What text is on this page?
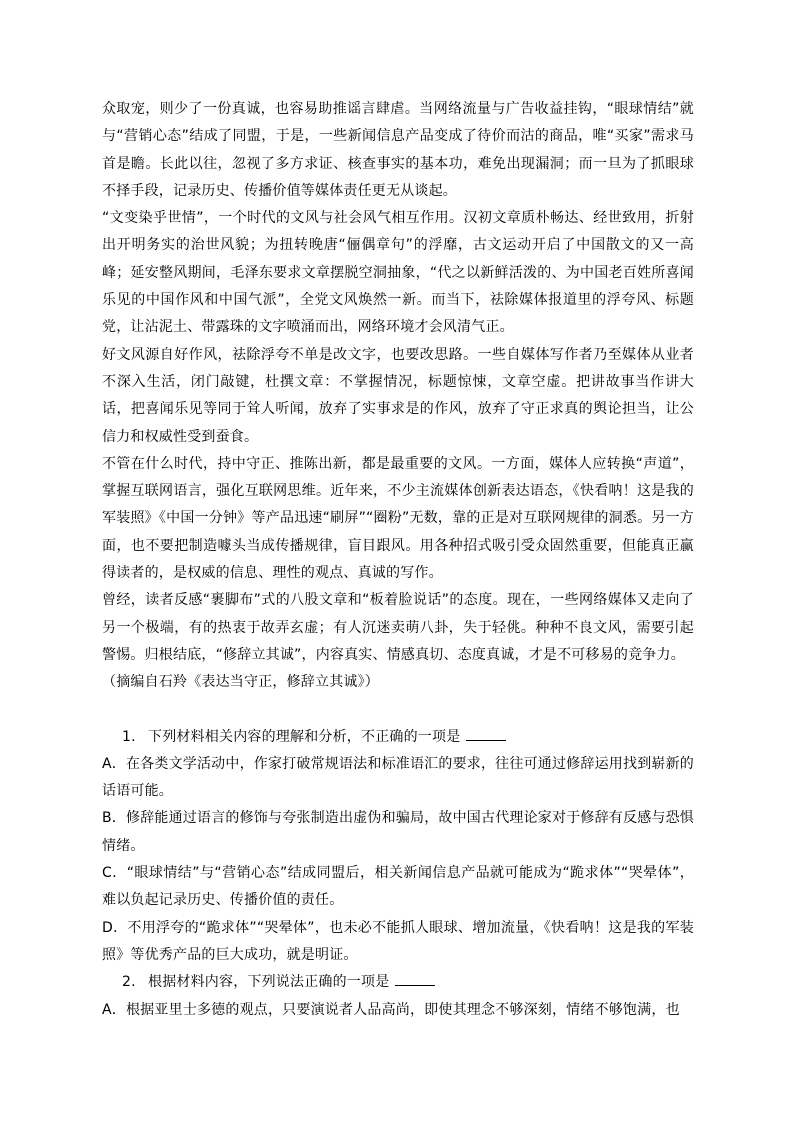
众取宠，则少了一份真诚，也容易助推谣言肆虐。当网络流量与广告收益挂钩，“眼球情结”就与“营销心态”结成了同盟，于是，一些新闻信息产品变成了待价而沽的商品，唯“买家”需求马首是瞻。长此以往，忽视了多方求证、核查事实的基本功，难免出现漏洞；而一旦为了抓眼球不择手段，记录历史、传播价值等媒体责任更无从谈起。

“文变染乎世情”，一个时代的文风与社会风气相互作用。汉初文章质朴畅达、经世致用，折射出开明务实的治世风貌；为扭转晚唐“俪偶章句”的浮靡，古文运动开启了中国散文的又一高峰；延安整风期间，毛泽东要求文章摆脱空洞抽象，“代之以新鲜活泼的、为中国老百姓所喜闻乐见的中国作风和中国气派”，全党文风焕然一新。而当下，祛除媒体报道里的浮夸风、标题党，让沾泥土、带露珠的文字喷涌而出，网络环境才会风清气正。

好文风源自好作风，祛除浮夸不单是改文字，也要改思路。一些自媒体写作者乃至媒体从业者不深入生活，闭门敲键，杜撰文章：不掌握情况，标题惊悚，文章空虚。把讲故事当作讲大话，把喜闻乐见等同于耸人听闻，放弃了实事求是的作风，放弃了守正求真的舆论担当，让公信力和权威性受到蚕食。

不管在什么时代，持中守正、推陈出新，都是最重要的文风。一方面，媒体人应转换“声道”，掌握互联网语言，强化互联网思维。近年来，不少主流媒体创新表达语态，《快看呐！这是我的军装照》《中国一分钟》等产品迅速“刷屏”“圈粉”无数，靠的正是对互联网规律的洞悉。另一方面，也不要把制造噱头当成传播规律，盲目跟风。用各种招式吸引受众固然重要，但能真正赢得读者的，是权威的信息、理性的观点、真诚的写作。

曾经，读者反感“裹脚布”式的八股文章和“板着脸说话”的态度。现在，一些网络媒体又走向了另一个极端，有的热衷于故弄玄虚；有人沉迷卖萌八卦，失于轻佻。种种不良文风，需要引起警惕。归根结底，“修辞立其诚”，内容真实、情感真切、态度真诚，才是不可移易的竞争力。

（摘编自石羚《表达当守正，修辞立其诚》）

1. 下列材料相关内容的理解和分析，不正确的一项是

A．在各类文学活动中，作家打破常规语法和标准语汇的要求，往往可通过修辞运用找到崭新的话语可能。

B．修辞能通过语言的修饰与夸张制造出虚伪和骗局，故中国古代理论家对于修辞有反感与恐惧情绪。

C．“眼球情结”与“营销心态”结成同盟后，相关新闻信息产品就可能成为“跪求体”“哭晕体”，难以负起记录历史、传播价值的责任。

D．不用浮夸的“跪求体”“哭晕体”，也未必不能抓人眼球、增加流量，《快看呐！这是我的军装照》等优秀产品的巨大成功，就是明证。

2. 根据材料内容，下列说法正确的一项是

A．根据亚里士多德的观点，只要演说者人品高尚，即使其理念不够深刻，情绪不够饱满，也
